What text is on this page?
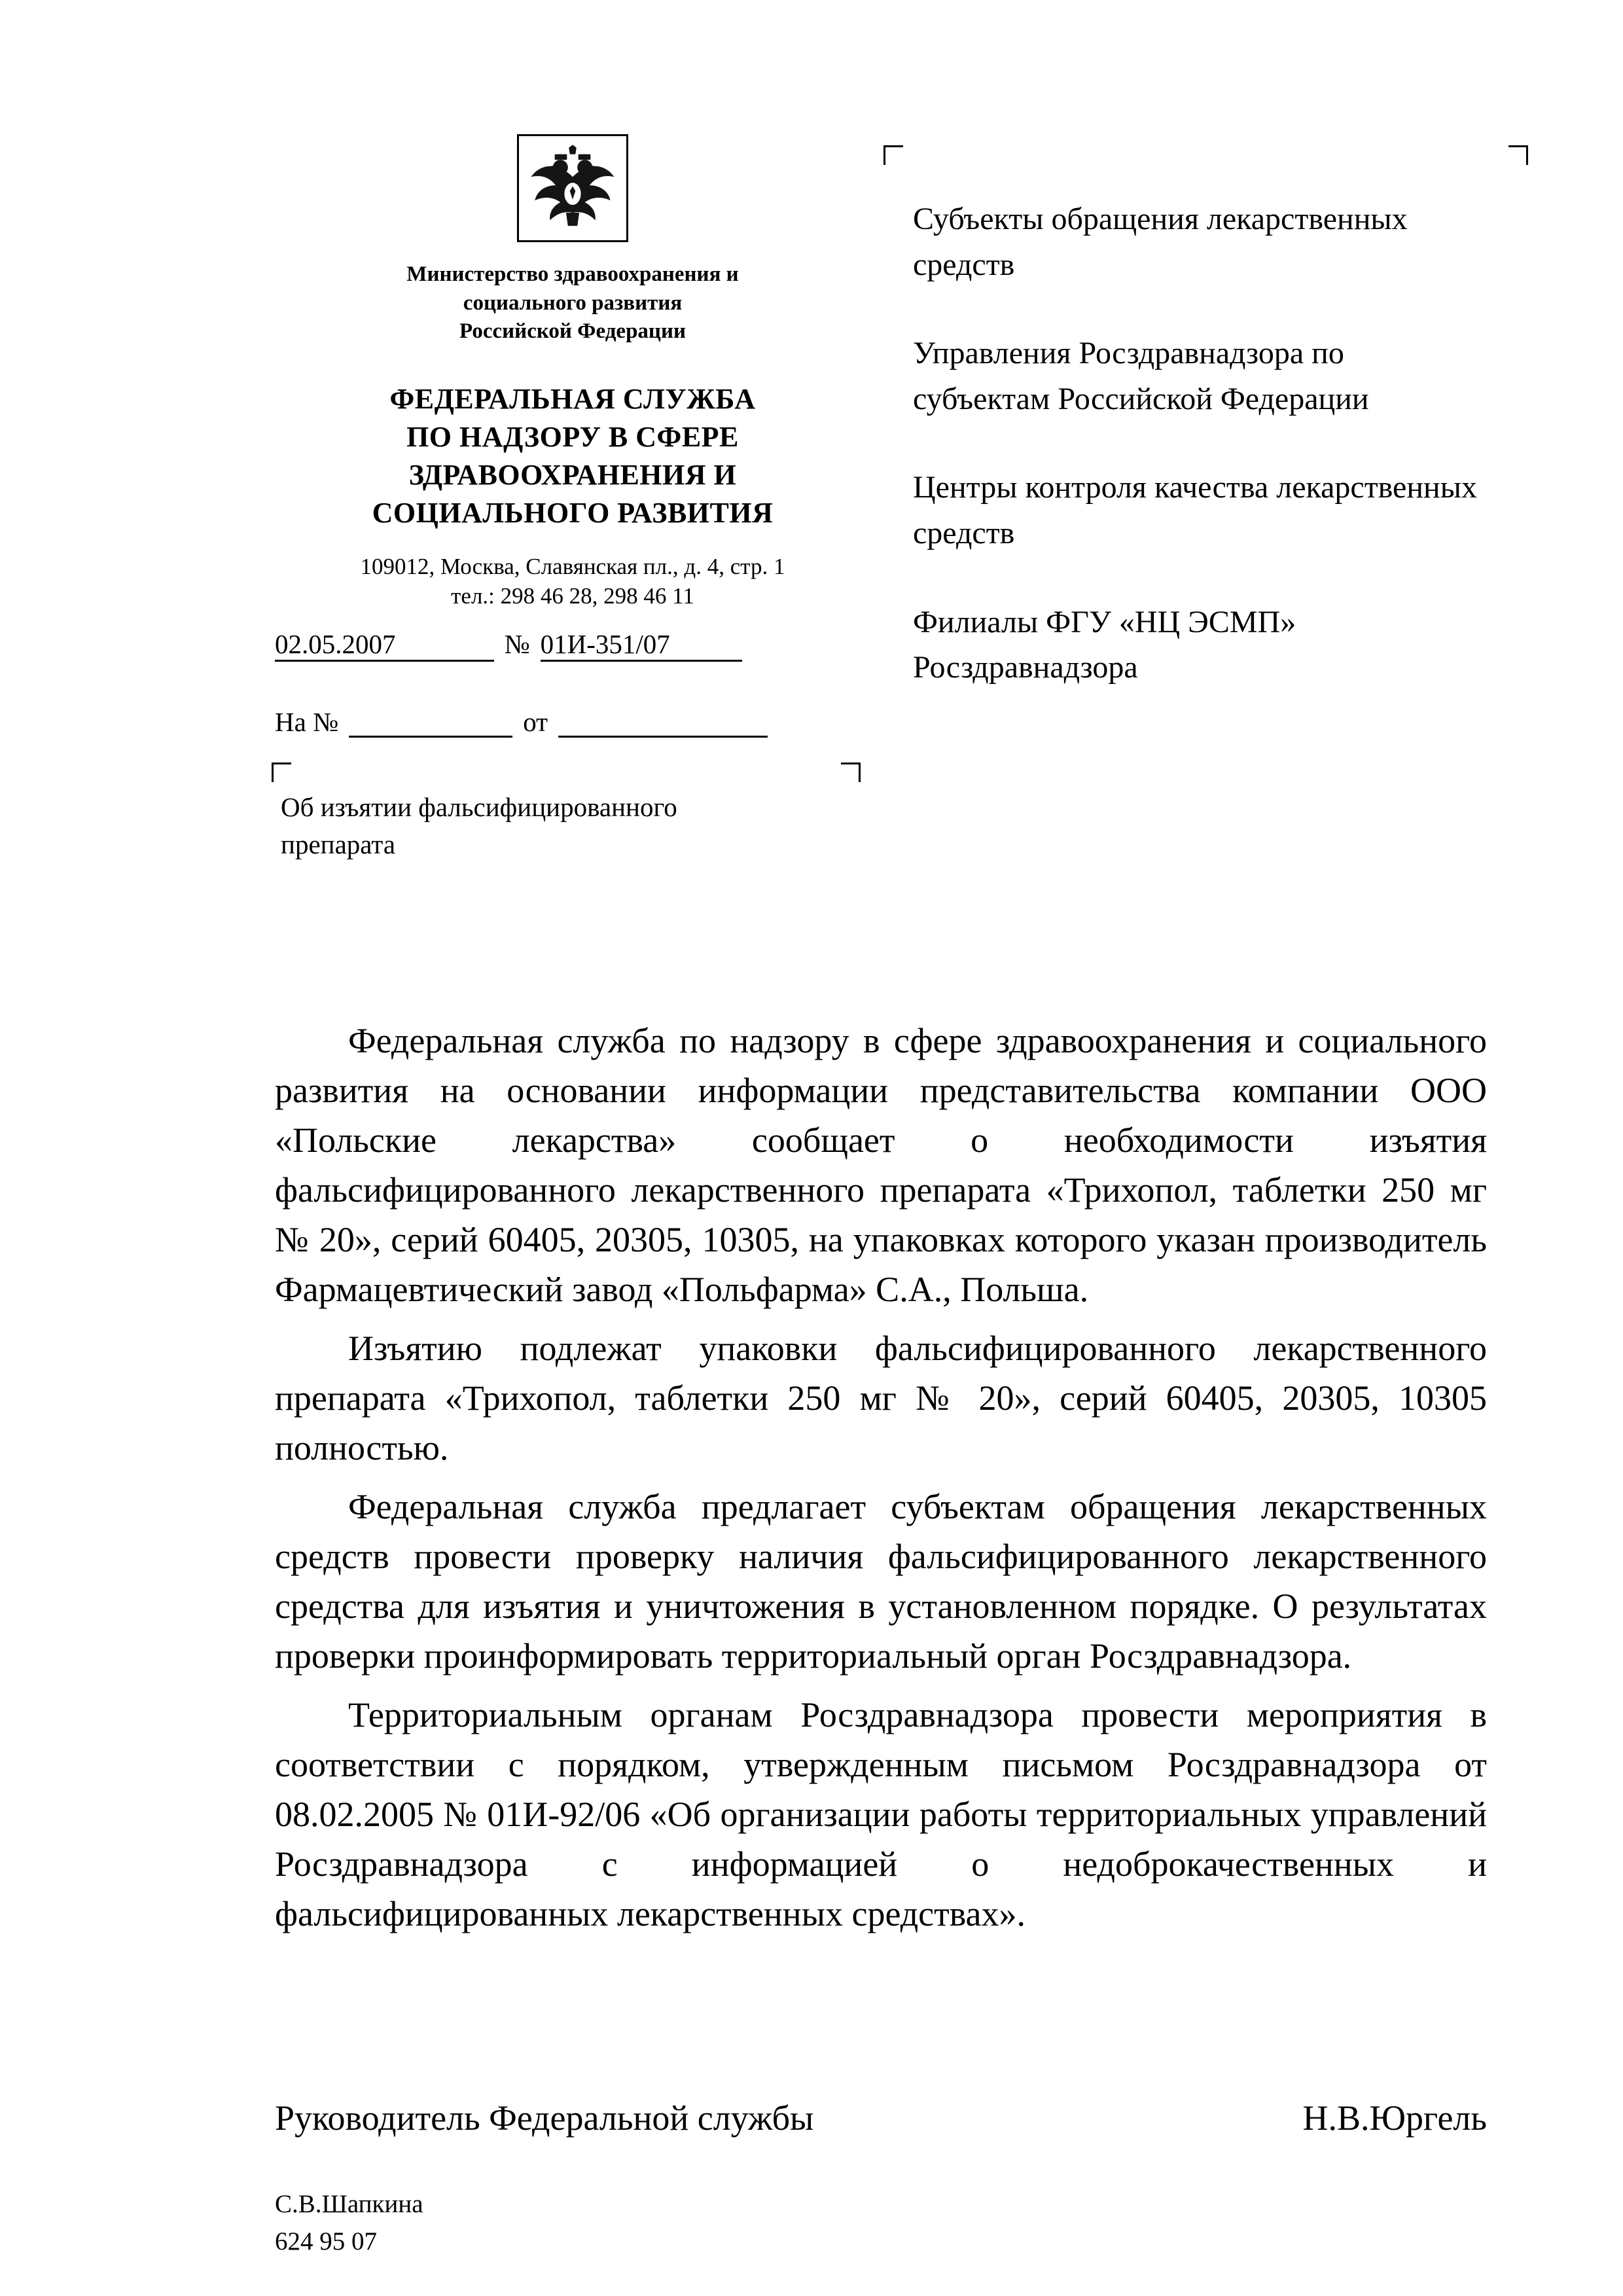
Министерство здравоохранения и
социального развития
Российской Федерации
ФЕДЕРАЛЬНАЯ СЛУЖБА
ПО НАДЗОРУ В СФЕРЕ
ЗДРАВООХРАНЕНИЯ И
СОЦИАЛЬНОГО РАЗВИТИЯ
109012, Москва, Славянская пл., д. 4, стр. 1
тел.: 298 46 28, 298 46 11
02.05.2007	№ 01И-351/07
На №	от
Об изъятии фальсифицированного
препарата

Субъекты обращения лекарственных средств

Управления Росздравнадзора по субъектам Российской Федерации

Центры контроля качества лекарственных средств

Филиалы ФГУ «НЦ ЭСМП» Росздравнадзора

Федеральная служба по надзору в сфере здравоохранения и социального развития на основании информации представительства компании ООО «Польские лекарства» сообщает о необходимости изъятия фальсифицированного лекарственного препарата «Трихопол, таблетки 250 мг № 20», серий 60405, 20305, 10305, на упаковках которого указан производитель Фармацевтический завод «Польфарма» С.А., Польша.

Изъятию подлежат упаковки фальсифицированного лекарственного препарата «Трихопол, таблетки 250 мг № 20», серий 60405, 20305, 10305 полностью.

Федеральная служба предлагает субъектам обращения лекарственных средств провести проверку наличия фальсифицированного лекарственного средства для изъятия и уничтожения в установленном порядке. О результатах проверки проинформировать территориальный орган Росздравнадзора.

Территориальным органам Росздравнадзора провести мероприятия в соответствии с порядком, утвержденным письмом Росздравнадзора от 08.02.2005 № 01И-92/06 «Об организации работы территориальных управлений Росздравнадзора с информацией о недоброкачественных и фальсифицированных лекарственных средствах».

Руководитель Федеральной службы	Н.В.Юргель
С.В.Шапкина
624 95 07
